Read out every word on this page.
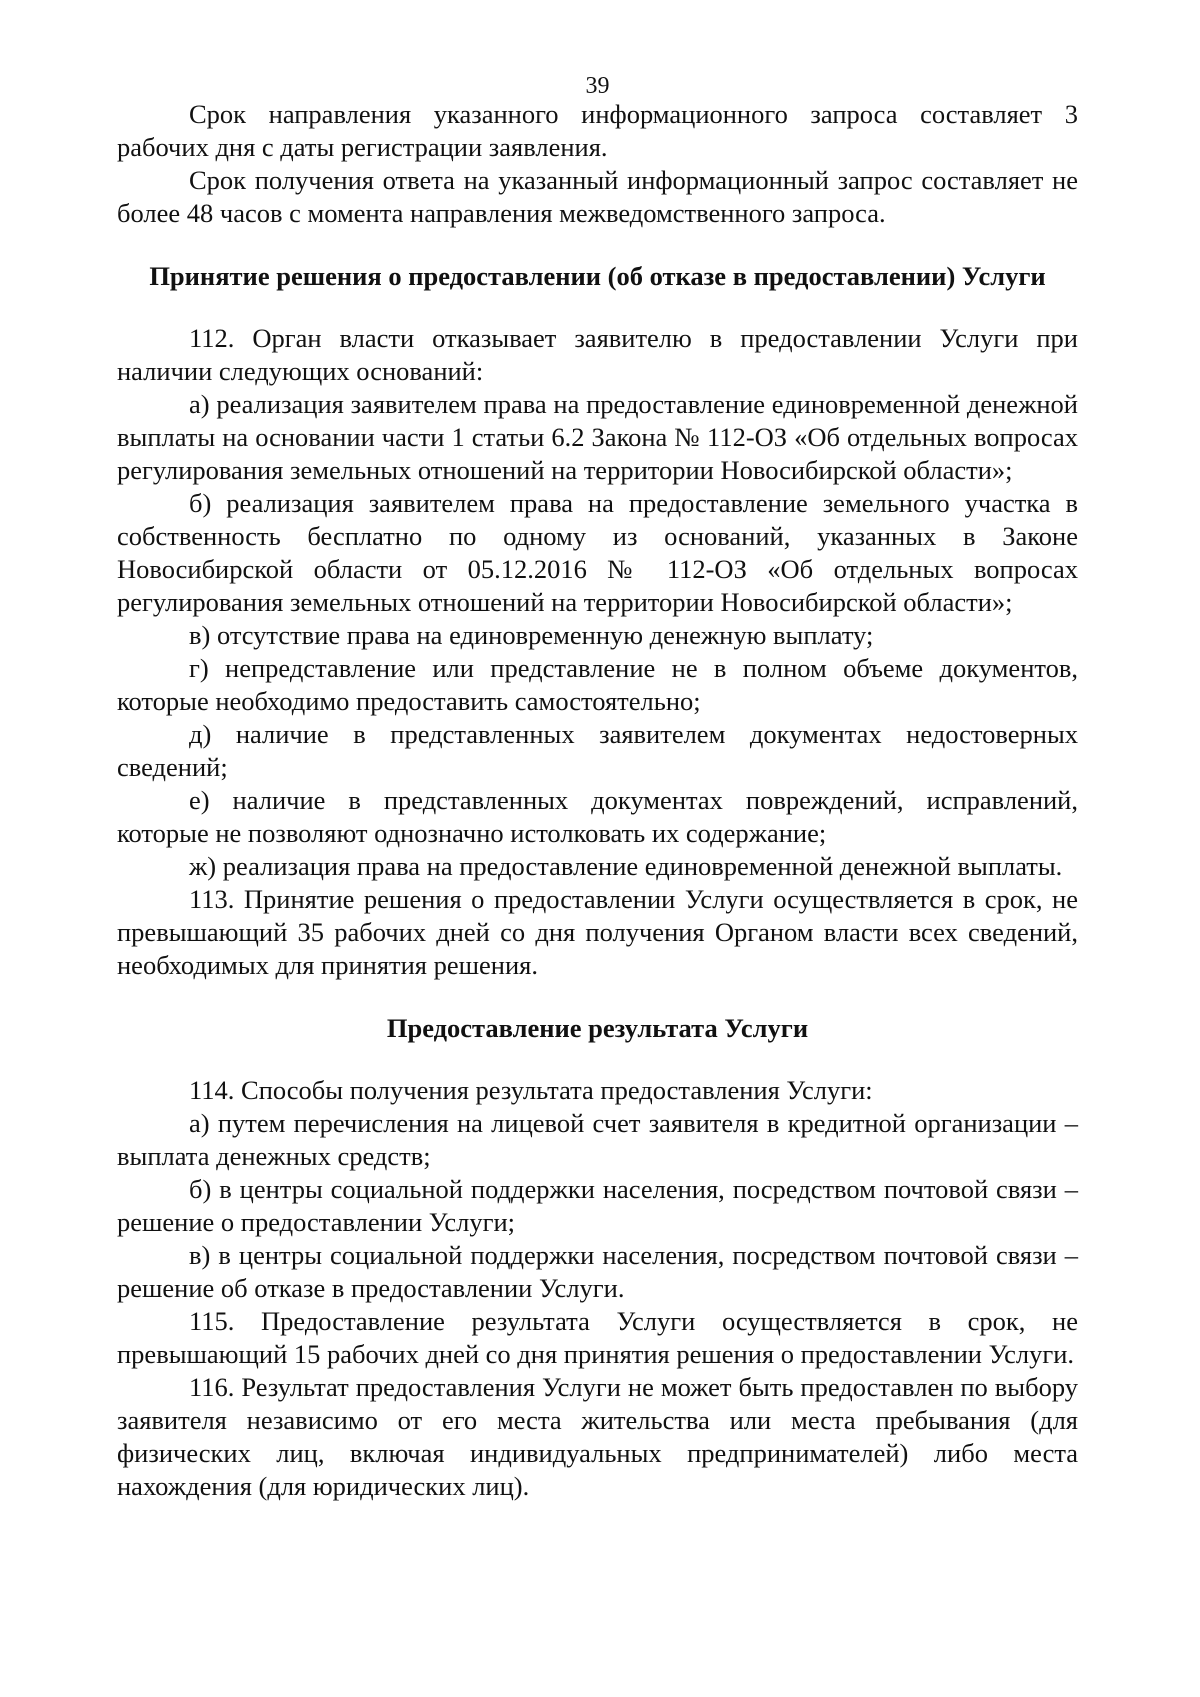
39

Срок направления указанного информационного запроса составляет 3 рабочих дня с даты регистрации заявления.

Срок получения ответа на указанный информационный запрос составляет не более 48 часов с момента направления межведомственного запроса.

Принятие решения о предоставлении (об отказе в предоставлении) Услуги

112. Орган власти отказывает заявителю в предоставлении Услуги при наличии следующих оснований:

а) реализация заявителем права на предоставление единовременной денежной выплаты на основании части 1 статьи 6.2 Закона № 112-ОЗ «Об отдельных вопросах регулирования земельных отношений на территории Новосибирской области»;

б) реализация заявителем права на предоставление земельного участка в собственность бесплатно по одному из оснований, указанных в Законе Новосибирской области от 05.12.2016 № 112-ОЗ «Об отдельных вопросах регулирования земельных отношений на территории Новосибирской области»;

в) отсутствие права на единовременную денежную выплату;

г) непредставление или представление не в полном объеме документов, которые необходимо предоставить самостоятельно;

д) наличие в представленных заявителем документах недостоверных сведений;

е) наличие в представленных документах повреждений, исправлений, которые не позволяют однозначно истолковать их содержание;

ж) реализация права на предоставление единовременной денежной выплаты.

113. Принятие решения о предоставлении Услуги осуществляется в срок, не превышающий 35 рабочих дней со дня получения Органом власти всех сведений, необходимых для принятия решения.

Предоставление результата Услуги

114. Способы получения результата предоставления Услуги:

а) путем перечисления на лицевой счет заявителя в кредитной организации – выплата денежных средств;

б) в центры социальной поддержки населения, посредством почтовой связи – решение о предоставлении Услуги;

в) в центры социальной поддержки населения, посредством почтовой связи – решение об отказе в предоставлении Услуги.

115. Предоставление результата Услуги осуществляется в срок, не превышающий 15 рабочих дней со дня принятия решения о предоставлении Услуги.

116. Результат предоставления Услуги не может быть предоставлен по выбору заявителя независимо от его места жительства или места пребывания (для физических лиц, включая индивидуальных предпринимателей) либо места нахождения (для юридических лиц).
